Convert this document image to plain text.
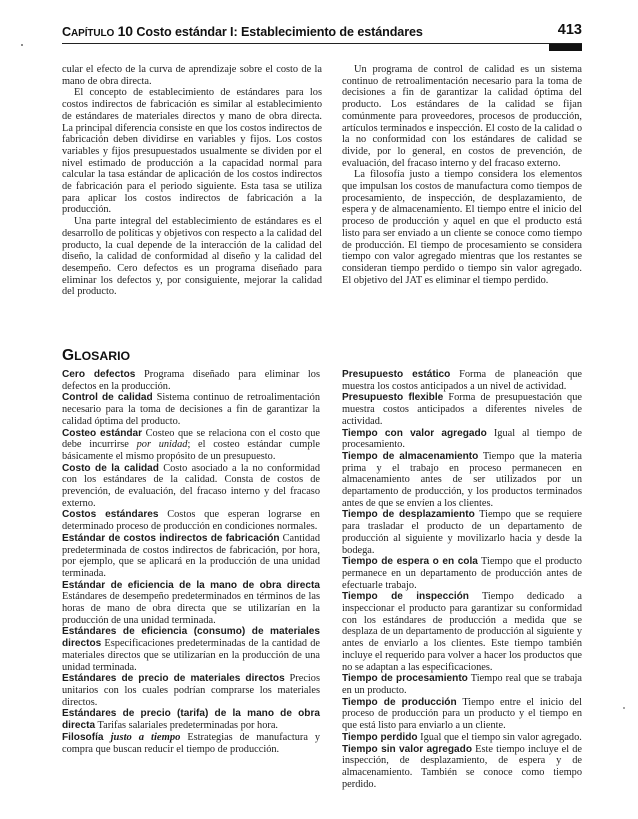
CAPÍTULO 10 Costo estándar I: Establecimiento de estándares	413

cular el efecto de la curva de aprendizaje sobre el costo de la mano de obra directa.

El concepto de establecimiento de estándares para los costos indirectos de fabricación es similar al establecimiento de estándares de materiales directos y mano de obra directa. La principal diferencia consiste en que los costos indirectos de fabricación deben dividirse en variables y fijos. Los costos variables y fijos presupuestados usualmente se dividen por el nivel estimado de producción a la capacidad normal para calcular la tasa estándar de aplicación de los costos indirectos de fabricación para el periodo siguiente. Esta tasa se utiliza para aplicar los costos indirectos de fabricación a la producción.

Una parte integral del establecimiento de estándares es el desarrollo de políticas y objetivos con respecto a la calidad del producto, la cual depende de la interacción de la calidad del diseño, la calidad de conformidad al diseño y la calidad del desempeño. Cero defectos es un programa diseñado para eliminar los defectos y, por consiguiente, mejorar la calidad del producto.

Un programa de control de calidad es un sistema continuo de retroalimentación necesario para la toma de decisiones a fin de garantizar la calidad óptima del producto. Los estándares de la calidad se fijan comúnmente para proveedores, procesos de producción, artículos terminados e inspección. El costo de la calidad o la no conformidad con los estándares de calidad se divide, por lo general, en costos de prevención, de evaluación, del fracaso interno y del fracaso externo.

La filosofía justo a tiempo considera los elementos que impulsan los costos de manufactura como tiempos de procesamiento, de inspección, de desplazamiento, de espera y de almacenamiento. El tiempo entre el inicio del proceso de producción y aquel en que el producto está listo para ser enviado a un cliente se conoce como tiempo de producción. El tiempo de procesamiento se considera tiempo con valor agregado mientras que los restantes se consideran tiempo perdido o tiempo sin valor agregado. El objetivo del JAT es eliminar el tiempo perdido.

GLOSARIO

Cero defectos Programa diseñado para eliminar los defectos en la producción.

Control de calidad Sistema continuo de retroalimentación necesario para la toma de decisiones a fin de garantizar la calidad óptima del producto.

Costeo estándar Costeo que se relaciona con el costo que debe incurrirse por unidad; el costeo estándar cumple básicamente el mismo propósito de un presupuesto.

Costo de la calidad Costo asociado a la no conformidad con los estándares de la calidad. Consta de costos de prevención, de evaluación, del fracaso interno y del fracaso externo.

Costos estándares Costos que esperan lograrse en determinado proceso de producción en condiciones normales.

Estándar de costos indirectos de fabricación Cantidad predeterminada de costos indirectos de fabricación, por hora, por ejemplo, que se aplicará en la producción de una unidad terminada.

Estándar de eficiencia de la mano de obra directa Estándares de desempeño predeterminados en términos de las horas de mano de obra directa que se utilizarían en la producción de una unidad terminada.

Estándares de eficiencia (consumo) de materiales directos Especificaciones predeterminadas de la cantidad de materiales directos que se utilizarían en la producción de una unidad terminada.

Estándares de precio de materiales directos Precios unitarios con los cuales podrían comprarse los materiales directos.

Estándares de precio (tarifa) de la mano de obra directa Tarifas salariales predeterminadas por hora.

Filosofía justo a tiempo Estrategias de manufactura y compra que buscan reducir el tiempo de producción.

Presupuesto estático Forma de planeación que muestra los costos anticipados a un nivel de actividad.

Presupuesto flexible Forma de presupuestación que muestra costos anticipados a diferentes niveles de actividad.

Tiempo con valor agregado Igual al tiempo de procesamiento.

Tiempo de almacenamiento Tiempo que la materia prima y el trabajo en proceso permanecen en almacenamiento antes de ser utilizados por un departamento de producción, y los productos terminados antes de que se envíen a los clientes.

Tiempo de desplazamiento Tiempo que se requiere para trasladar el producto de un departamento de producción al siguiente y movilizarlo hacia y desde la bodega.

Tiempo de espera o en cola Tiempo que el producto permanece en un departamento de producción antes de efectuarle trabajo.

Tiempo de inspección Tiempo dedicado a inspeccionar el producto para garantizar su conformidad con los estándares de producción a medida que se desplaza de un departamento de producción al siguiente y antes de enviarlo a los clientes. Este tiempo también incluye el requerido para volver a hacer los productos que no se adaptan a las especificaciones.

Tiempo de procesamiento Tiempo real que se trabaja en un producto.

Tiempo de producción Tiempo entre el inicio del proceso de producción para un producto y el tiempo en que está listo para enviarlo a un cliente.

Tiempo perdido Igual que el tiempo sin valor agregado.

Tiempo sin valor agregado Este tiempo incluye el de inspección, de desplazamiento, de espera y de almacenamiento. También se conoce como tiempo perdido.
